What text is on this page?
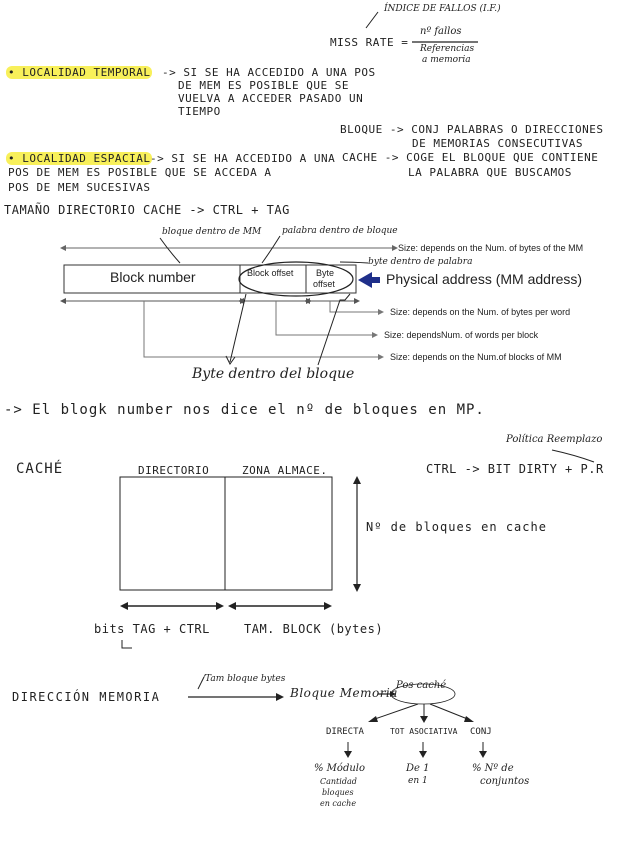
ÍNDICE DE FALLOS (I.F.)
MISS RATE =
nº fallos
Referencias
a memoria
• LOCALIDAD TEMPORAL -> SI SE HA ACCEDIDO A UNA POS
DE MEM ES POSIBLE QUE SE
VUELVA A ACCEDER PASADO UN
TIEMPO
BLOQUE -> CONJ PALABRAS O DIRECCIONES
DE MEMORIAS CONSECUTIVAS
CACHE -> COGE EL BLOQUE QUE CONTIENE
LA PALABRA QUE BUSCAMOS
• LOCALIDAD ESPACIAL -> SI SE HA ACCEDIDO A UNA
POS DE MEM ES POSIBLE QUE SE ACCEDA A
POS DE MEM SUCESIVAS
TAMAÑO DIRECTORIO CACHE -> CTRL + TAG
bloque dentro de MM palabra dentro de bloque
byte dentro de palabra
Block number	Block offset	Byte
offset	Physical address (MM address)
Size: depends on the Num. of bytes of the MM
Size: depends on the Num. of bytes per word
Size: dependsNum. of words per block
Size: depends on the Num.of blocks of MM
Byte dentro del bloque
-> El blogk number nos dice el nº de bloques en MP.
Política Reemplazo
CACHÉ	DIRECTORIO	ZONA ALMACE.	CTRL -> BIT DIRTY + P.R
Nº de bloques en cache
bits TAG + CTRL	TAM. BLOCK (bytes)
DIRECCIÓN MEMORIA
/Tam bloque bytes
Bloque Memoria
Pos caché
DIRECTA	TOT ASOCIATIVA CONJ
% Módulo
Cantidad
bloques
en cache
De 1
en 1
% Nº de
conjuntos
